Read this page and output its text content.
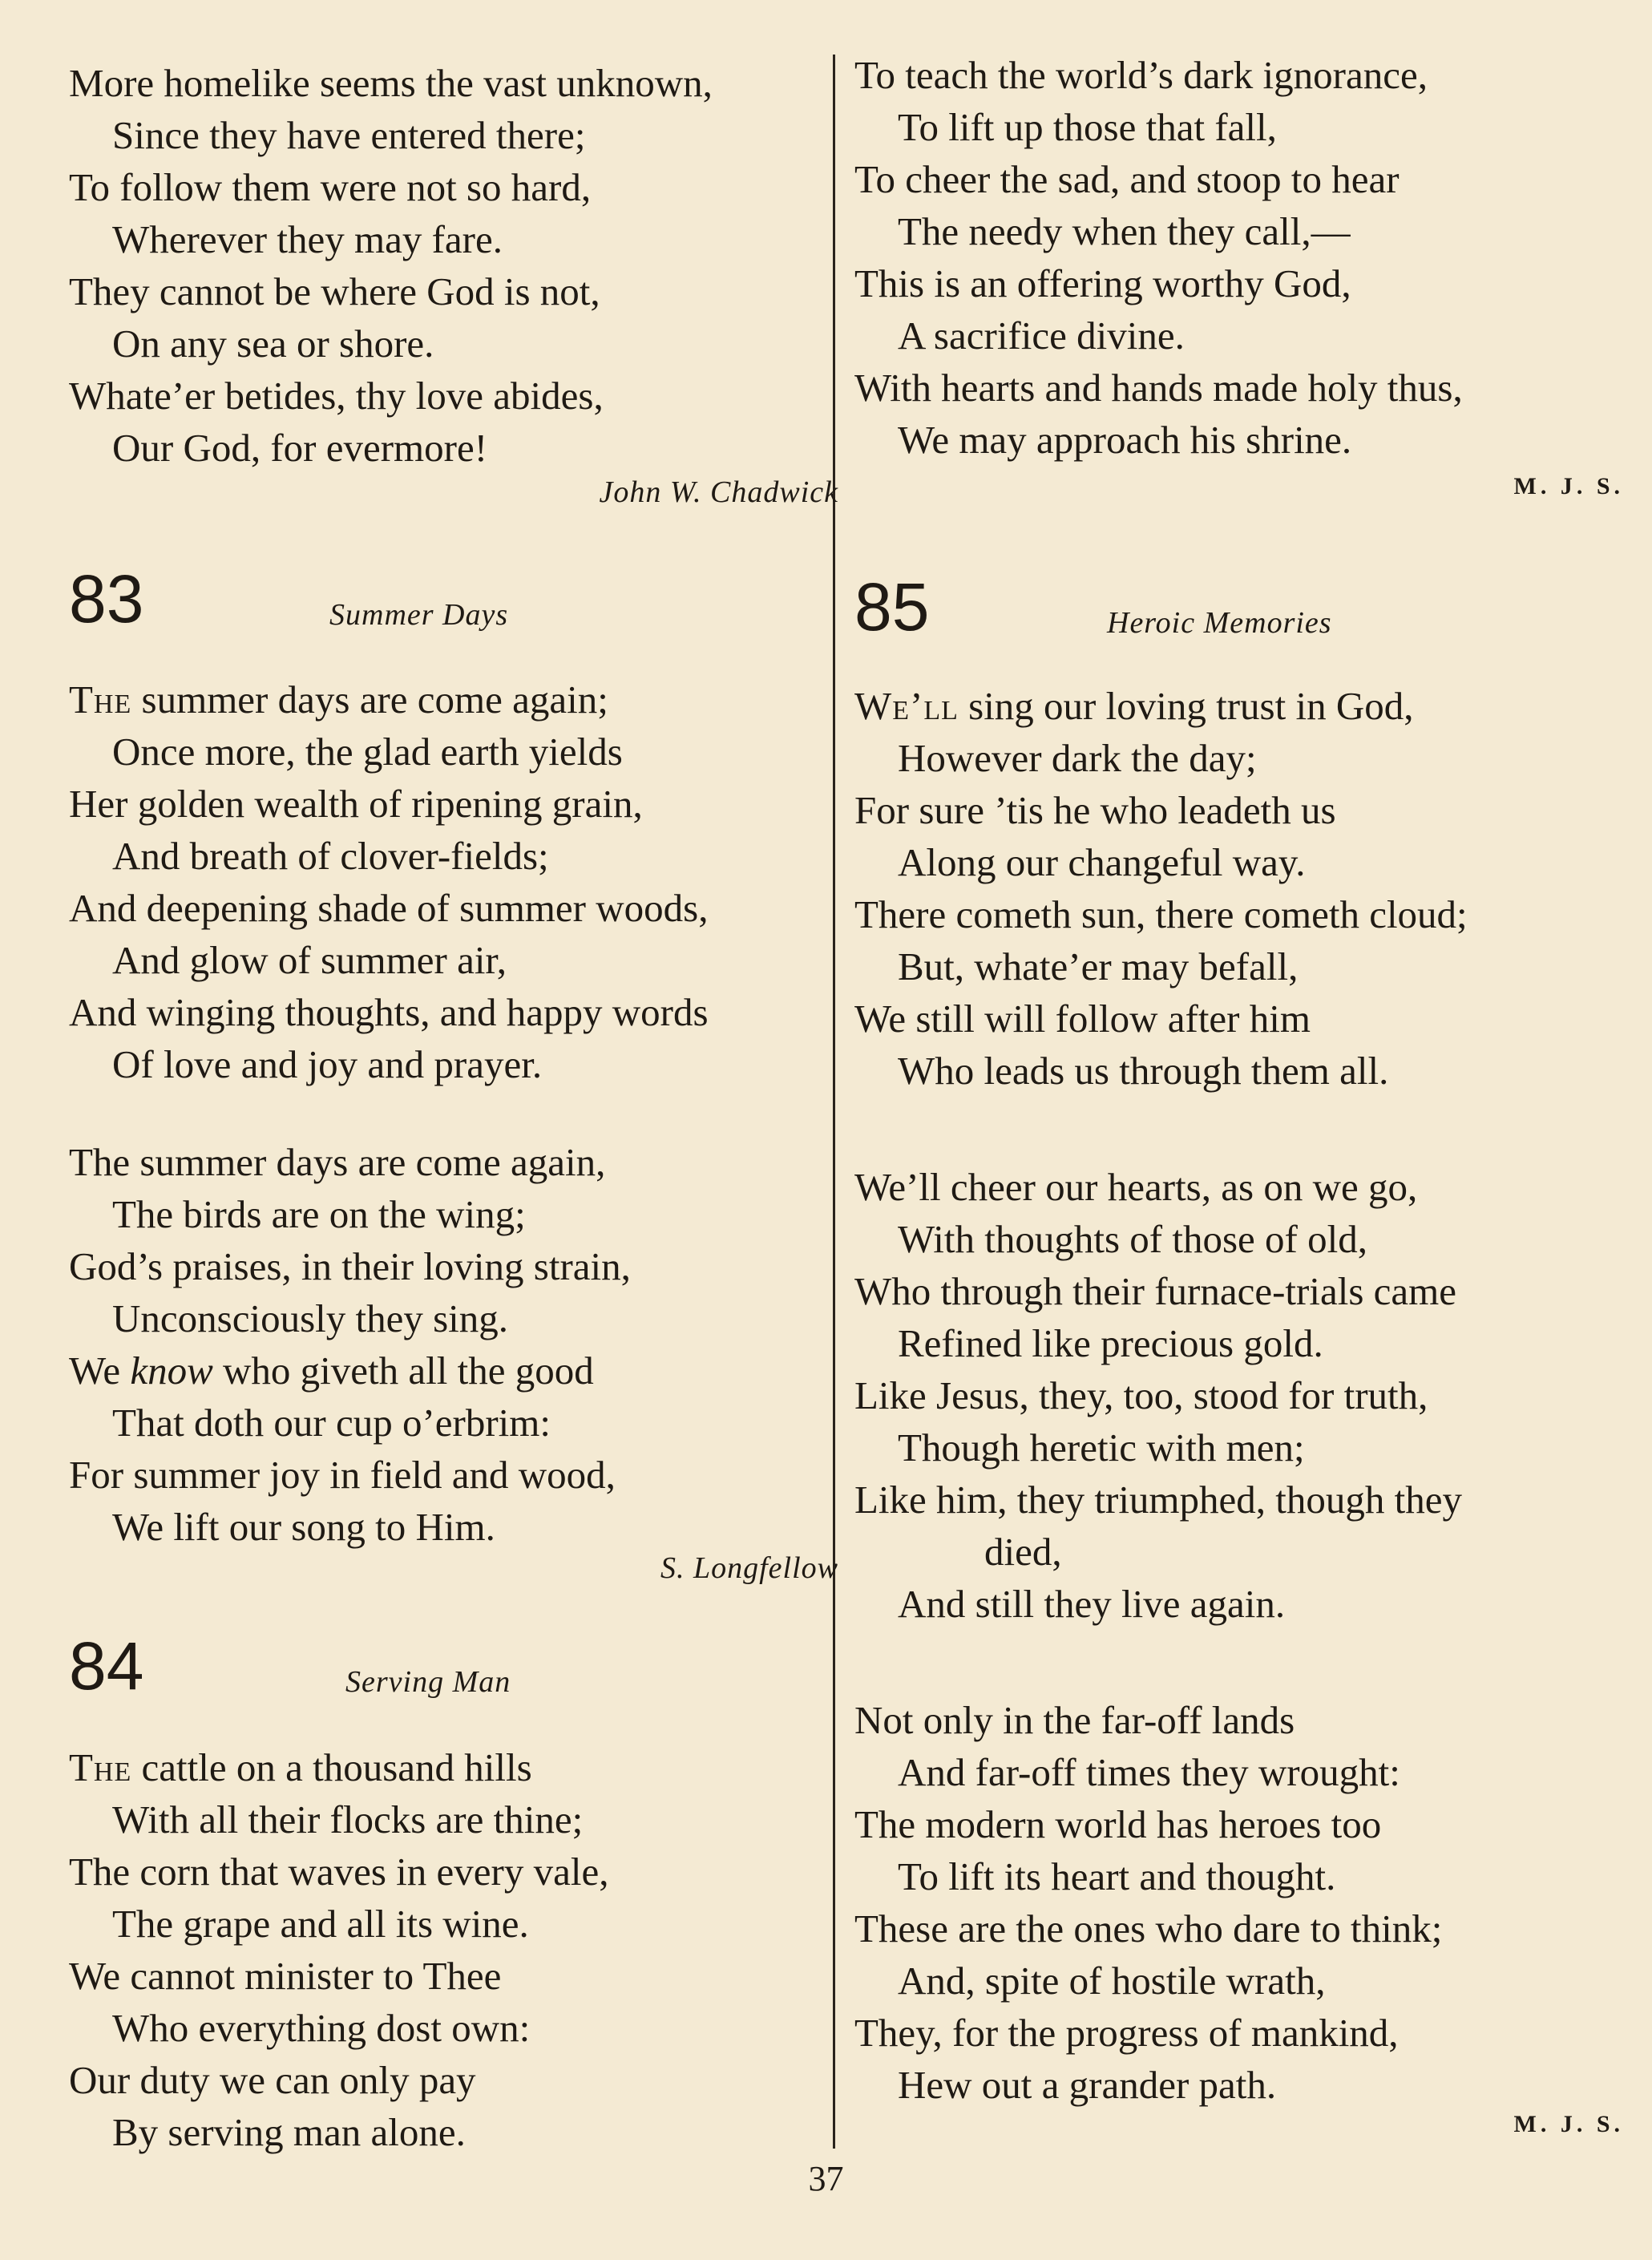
More homelike seems the vast unknown,
Since they have entered there;
To follow them were not so hard,
Wherever they may fare.
They cannot be where God is not,
On any sea or shore.
Whate’er betides, thy love abides,
Our God, for evermore!
John W. Chadwick
83	Summer Days
The summer days are come again;
Once more, the glad earth yields
Her golden wealth of ripening grain,
And breath of clover-fields;
And deepening shade of summer woods,
And glow of summer air,
And winging thoughts, and happy words
Of love and joy and prayer.
The summer days are come again,
The birds are on the wing;
God’s praises, in their loving strain,
Unconsciously they sing.
We know who giveth all the good
That doth our cup o’erbrim:
For summer joy in field and wood,
We lift our song to Him.
S. Longfellow
84	Serving Man
The cattle on a thousand hills
With all their flocks are thine;
The corn that waves in every vale,
The grape and all its wine.
We cannot minister to Thee
Who everything dost own:
Our duty we can only pay
By serving man alone.
To teach the world’s dark ignorance,
To lift up those that fall,
To cheer the sad, and stoop to hear
The needy when they call,—
This is an offering worthy God,
A sacrifice divine.
With hearts and hands made holy thus,
We may approach his shrine.
M. J. S.
85	Heroic Memories
We’ll sing our loving trust in God,
However dark the day;
For sure ’tis he who leadeth us
Along our changeful way.
There cometh sun, there cometh cloud;
But, whate’er may befall,
We still will follow after him
Who leads us through them all.
We’ll cheer our hearts, as on we go,
With thoughts of those of old,
Who through their furnace-trials came
Refined like precious gold.
Like Jesus, they, too, stood for truth,
Though heretic with men;
Like him, they triumphed, though they
died,
And still they live again.
Not only in the far-off lands
And far-off times they wrought:
The modern world has heroes too
To lift its heart and thought.
These are the ones who dare to think;
And, spite of hostile wrath,
They, for the progress of mankind,
Hew out a grander path.
M. J. S.
37
